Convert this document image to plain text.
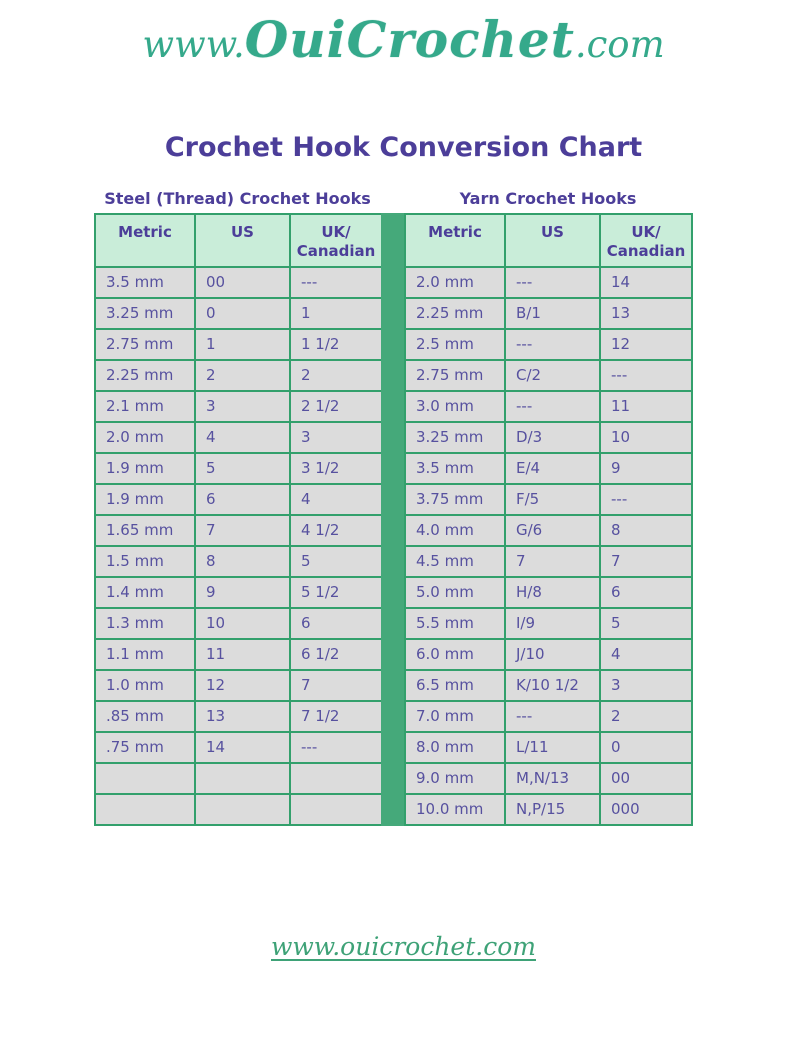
www.OuiCrochet.com
Crochet Hook Conversion Chart
Steel (Thread) Crochet Hooks
Metric	US	UK/ Canadian
3.5 mm	00	---
3.25 mm	0	1
2.75 mm	1	1 1/2
2.25 mm	2	2
2.1 mm	3	2 1/2
2.0 mm	4	3
1.9 mm	5	3 1/2
1.9 mm	6	4
1.65 mm	7	4 1/2
1.5 mm	8	5
1.4 mm	9	5 1/2
1.3 mm	10	6
1.1 mm	11	6 1/2
1.0 mm	12	7
.85 mm	13	7 1/2
.75 mm	14	---

Yarn Crochet Hooks
Metric	US	UK/ Canadian
2.0 mm	---	14
2.25 mm	B/1	13
2.5 mm	---	12
2.75 mm	C/2	---
3.0 mm	---	11
3.25 mm	D/3	10
3.5 mm	E/4	9
3.75 mm	F/5	---
4.0 mm	G/6	8
4.5 mm	7	7
5.0 mm	H/8	6
5.5 mm	I/9	5
6.0 mm	J/10	4
6.5 mm	K/10 1/2	3
7.0 mm	---	2
8.0 mm	L/11	0
9.0 mm	M,N/13	00
10.0 mm	N,P/15	000
www.ouicrochet.com
